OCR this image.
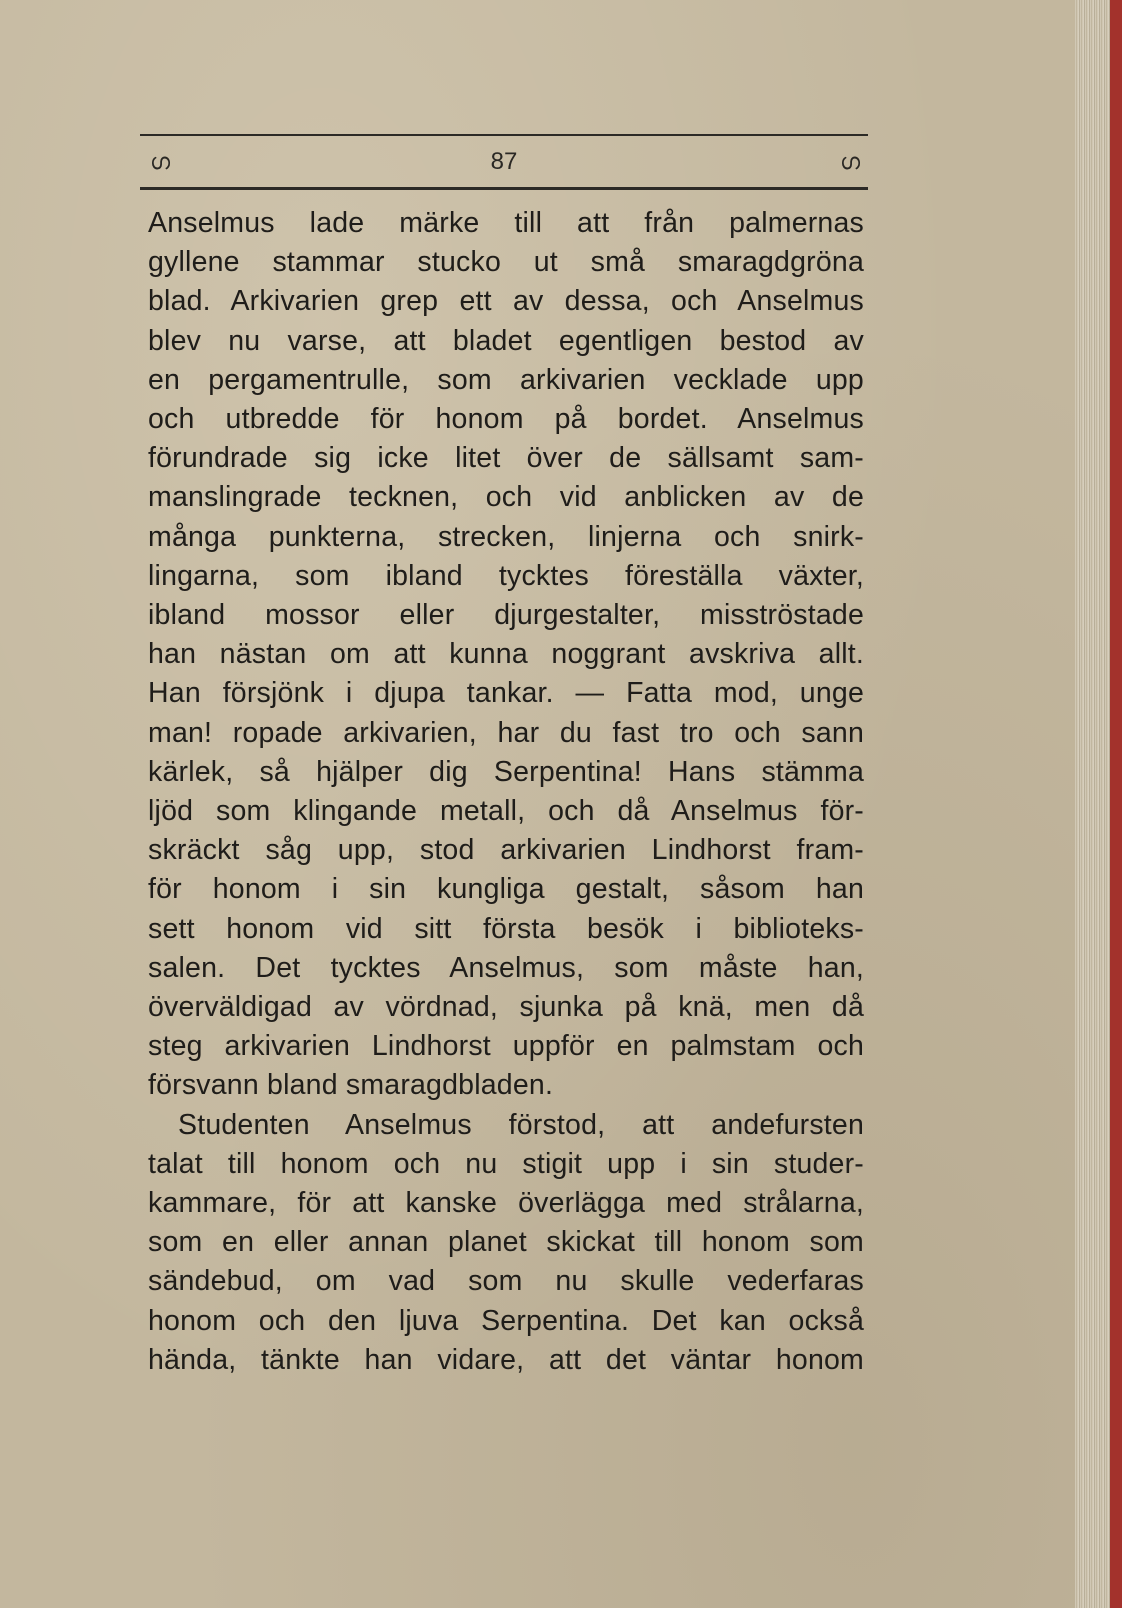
ഗ	87	ഗ
Anselmus lade märke till att från palmernas
gyllene stammar stucko ut små smaragdgröna
blad. Arkivarien grep ett av dessa, och Anselmus
blev nu varse, att bladet egentligen bestod av
en pergamentrulle, som arkivarien vecklade upp
och utbredde för honom på bordet. Anselmus
förundrade sig icke litet över de sällsamt sam-
manslingrade tecknen, och vid anblicken av de
många punkterna, strecken, linjerna och snirk-
lingarna, som ibland tycktes föreställa växter,
ibland mossor eller djurgestalter, misströstade
han nästan om att kunna noggrant avskriva allt.
Han försjönk i djupa tankar. — Fatta mod, unge
man! ropade arkivarien, har du fast tro och sann
kärlek, så hjälper dig Serpentina! Hans stämma
ljöd som klingande metall, och då Anselmus för-
skräckt såg upp, stod arkivarien Lindhorst fram-
för honom i sin kungliga gestalt, såsom han
sett honom vid sitt första besök i biblioteks-
salen. Det tycktes Anselmus, som måste han,
överväldigad av vördnad, sjunka på knä, men då
steg arkivarien Lindhorst uppför en palmstam och
försvann bland smaragdbladen.
Studenten Anselmus förstod, att andefursten
talat till honom och nu stigit upp i sin studer-
kammare, för att kanske överlägga med strålarna,
som en eller annan planet skickat till honom som
sändebud, om vad som nu skulle vederfaras
honom och den ljuva Serpentina. Det kan också
hända, tänkte han vidare, att det väntar honom
